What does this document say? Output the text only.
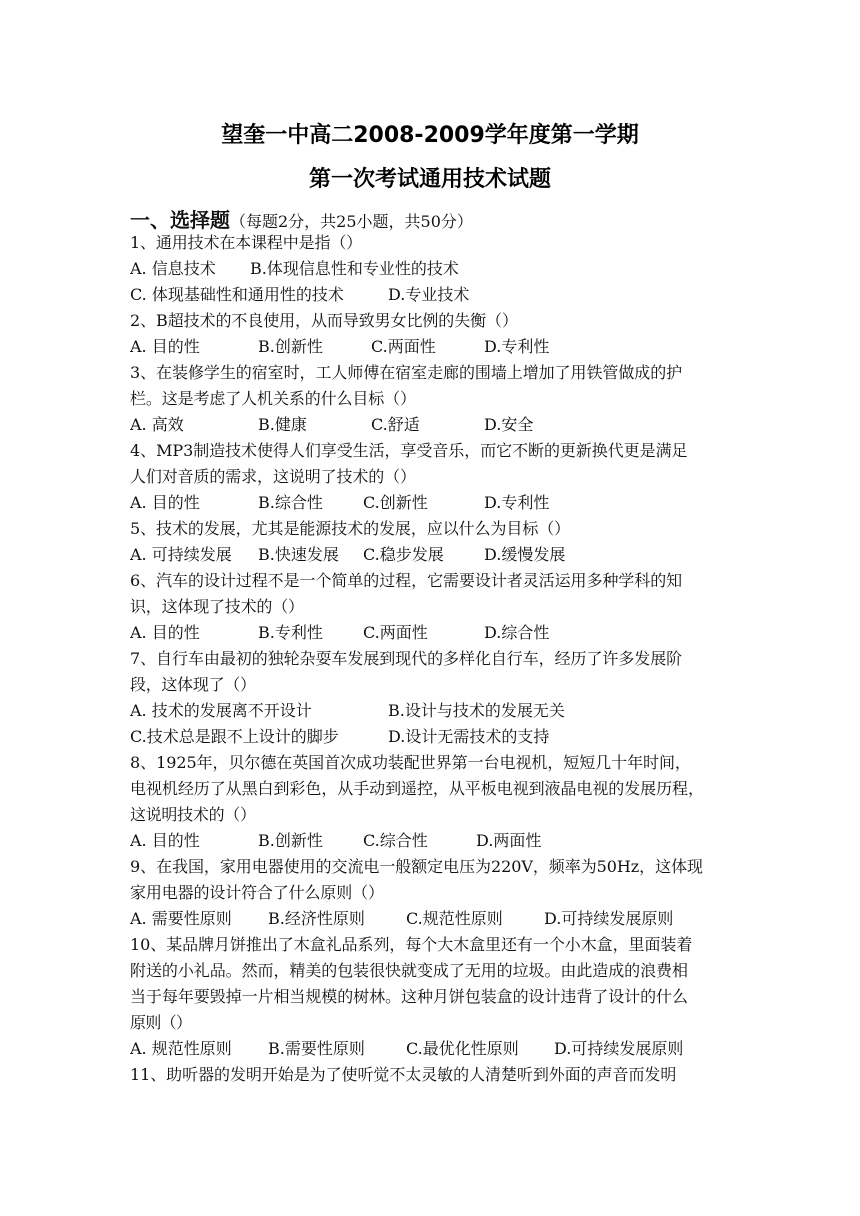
望奎一中高二2008-2009学年度第一学期
第一次考试通用技术试题
一、选择题（每题2分，共25小题，共50分）
1、通用技术在本课程中是指（）
A. 信息技术 B.体现信息性和专业性的技术
C. 体现基础性和通用性的技术	D.专业技术
2、B超技术的不良使用，从而导致男女比例的失衡（）
A. 目的性	B.创新性	C.两面性	D.专利性
3、在装修学生的宿室时，工人师傅在宿室走廊的围墙上增加了用铁管做成的护
栏。这是考虑了人机关系的什么目标（）
A. 高效	B.健康	C.舒适	D.安全
4、MP3制造技术使得人们享受生活，享受音乐，而它不断的更新换代更是满足
人们对音质的需求，这说明了技术的（）
A. 目的性	B.综合性	C.创新性	D.专利性
5、技术的发展，尤其是能源技术的发展，应以什么为目标（）
A. 可持续发展 B.快速发展 C.稳步发展	D.缓慢发展
6、汽车的设计过程不是一个简单的过程，它需要设计者灵活运用多种学科的知
识，这体现了技术的（）
A. 目的性	B.专利性	C.两面性	D.综合性
7、自行车由最初的独轮杂耍车发展到现代的多样化自行车，经历了许多发展阶
段，这体现了（）
A. 技术的发展离不开设计	B.设计与技术的发展无关
C.技术总是跟不上设计的脚步	D.设计无需技术的支持
8、1925年，贝尔德在英国首次成功装配世界第一台电视机，短短几十年时间，
电视机经历了从黑白到彩色，从手动到遥控，从平板电视到液晶电视的发展历程，
这说明技术的（）
A. 目的性	B.创新性	C.综合性	D.两面性
9、在我国，家用电器使用的交流电一般额定电压为220V，频率为50Hz，这体现
家用电器的设计符合了什么原则（）
A. 需要性原则 B.经济性原则	C.规范性原则	D.可持续发展原则
10、某品牌月饼推出了木盒礼品系列，每个大木盒里还有一个小木盒，里面装着
附送的小礼品。然而，精美的包装很快就变成了无用的垃圾。由此造成的浪费相
当于每年要毁掉一片相当规模的树林。这种月饼包装盒的设计违背了设计的什么
原则（）
A. 规范性原则 B.需要性原则	C.最优化性原则 D.可持续发展原则
11、助听器的发明开始是为了使听觉不太灵敏的人清楚听到外面的声音而发明
